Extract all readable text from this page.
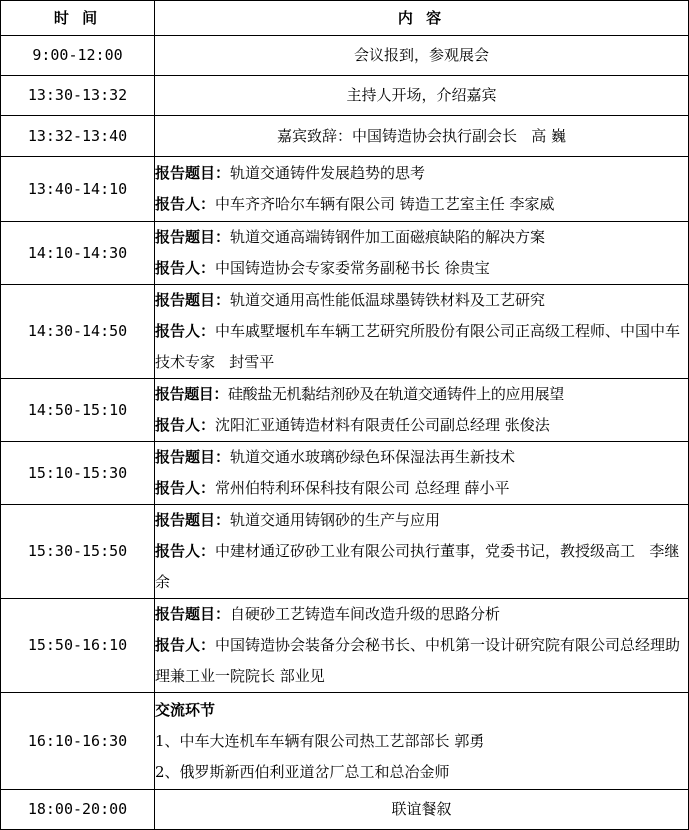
时 间	内 容
9:00-12:00	会议报到，参观展会
13:30-13:32	主持人开场，介绍嘉宾
13:32-13:40	嘉宾致辞：中国铸造协会执行副会长   高 巍
13:40-14:10	报告题目：轨道交通铸件发展趋势的思考
报告人：中车齐齐哈尔车辆有限公司 铸造工艺室主任 李家威

14:10-14:30	报告题目：轨道交通高端铸钢件加工面磁痕缺陷的解决方案
报告人：中国铸造协会专家委常务副秘书长 徐贵宝

14:30-14:50	报告题目：轨道交通用高性能低温球墨铸铁材料及工艺研究
报告人：中车戚墅堰机车车辆工艺研究所股份有限公司正高级工程师、中国中车技术专家   封雪平

14:50-15:10	报告题目：硅酸盐无机黏结剂砂及在轨道交通铸件上的应用展望
报告人：沈阳汇亚通铸造材料有限责任公司副总经理 张俊法

15:10-15:30	报告题目：轨道交通水玻璃砂绿色环保湿法再生新技术
报告人：常州伯特利环保科技有限公司 总经理 薛小平

15:30-15:50	报告题目：轨道交通用铸钢砂的生产与应用
报告人：中建材通辽矽砂工业有限公司执行董事，党委书记，教授级高工   李继余

15:50-16:10	报告题目：自硬砂工艺铸造车间改造升级的思路分析
报告人：中国铸造协会装备分会秘书长、中机第一设计研究院有限公司总经理助理兼工业一院院长 部业见

16:10-16:30	交流环节
1、中车大连机车车辆有限公司热工艺部部长 郭勇
2、俄罗斯新西伯利亚道岔厂总工和总冶金师

18:00-20:00	联谊餐叙
